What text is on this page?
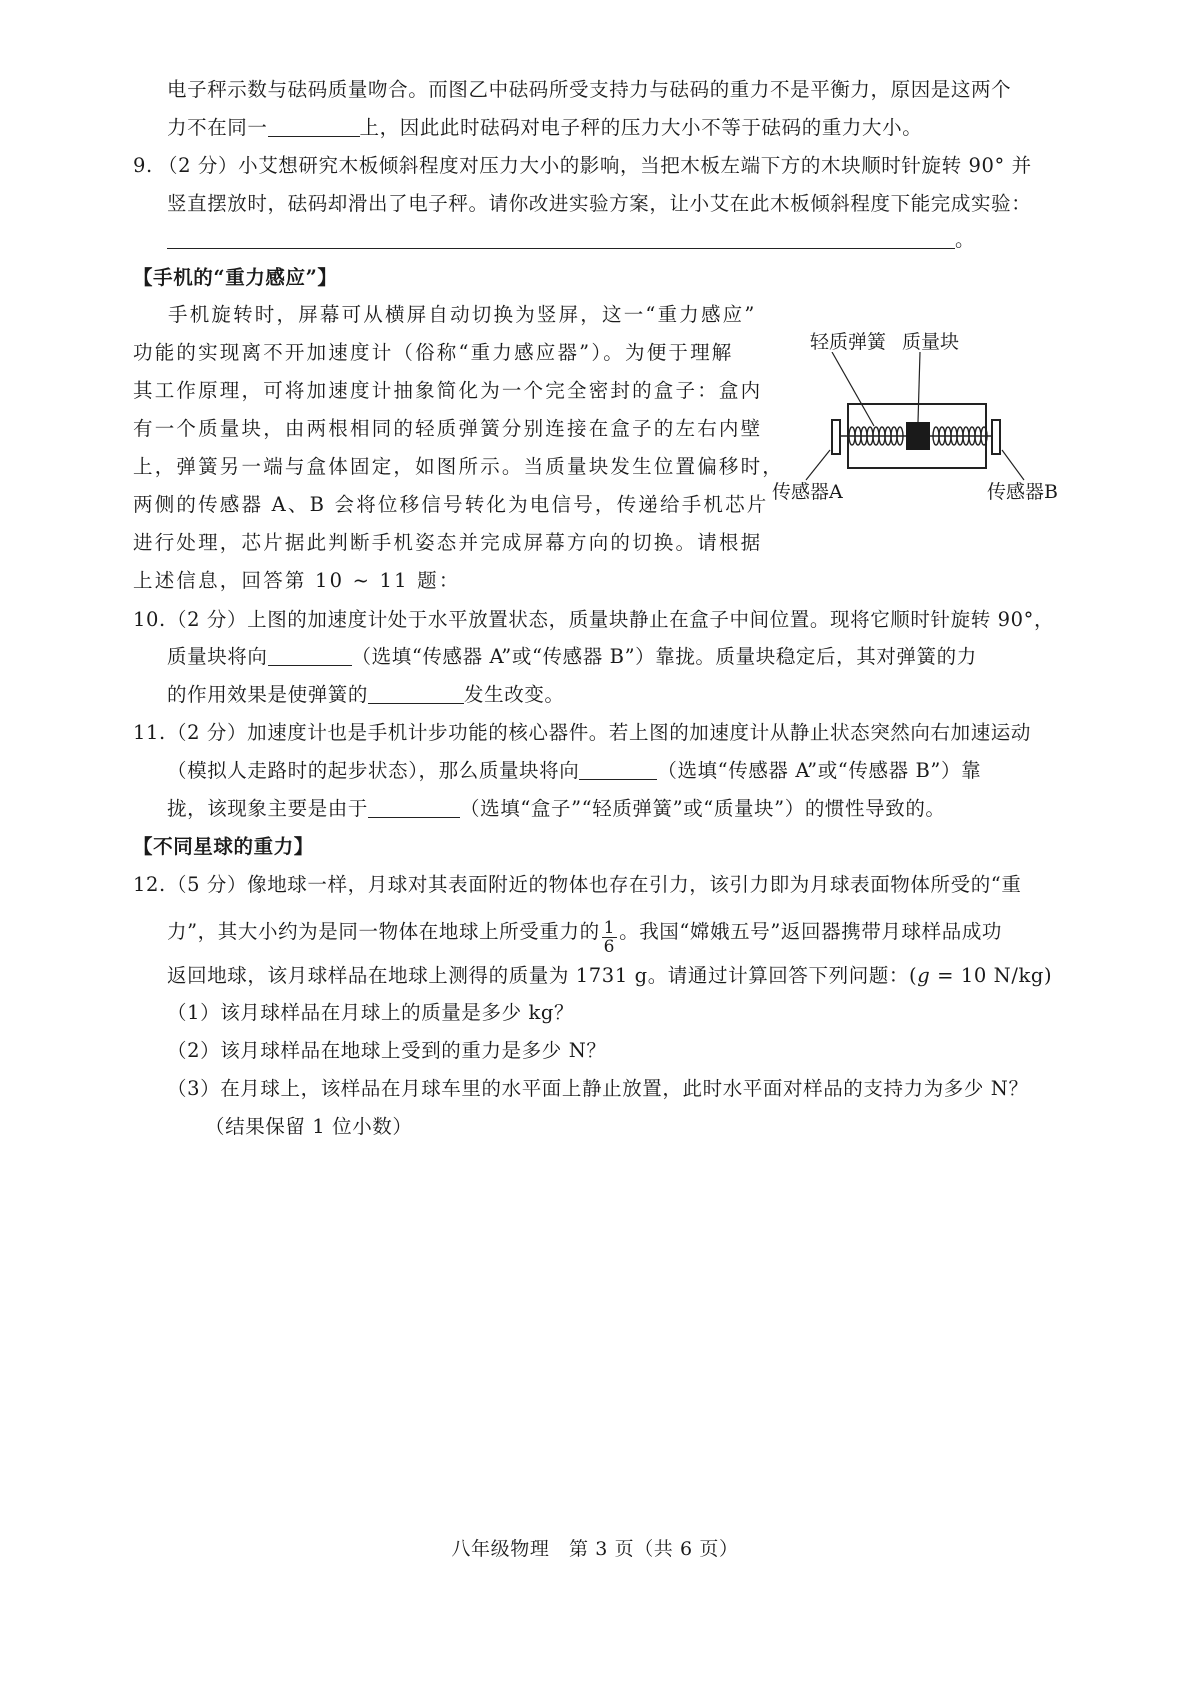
电子秤示数与砝码质量吻合。而图乙中砝码所受支持力与砝码的重力不是平衡力，原因是这两个
力不在同一	上，因此此时砝码对电子秤的压力大小不等于砝码的重力大小。
9. （2 分）小艾想研究木板倾斜程度对压力大小的影响，当把木板左端下方的木块顺时针旋转 90° 并
竖直摆放时，砝码却滑出了电子秤。请你改进实验方案，让小艾在此木板倾斜程度下能完成实验：
。
【手机的“重力感应”】
手机旋转时，屏幕可从横屏自动切换为竖屏，这一“重力感应”
功能的实现离不开加速度计（俗称“重力感应器”）。为便于理解
其工作原理，可将加速度计抽象简化为一个完全密封的盒子：盒内
有一个质量块，由两根相同的轻质弹簧分别连接在盒子的左右内壁
上，弹簧另一端与盒体固定，如图所示。当质量块发生位置偏移时，
两侧的传感器 A、B 会将位移信号转化为电信号，传递给手机芯片
进行处理，芯片据此判断手机姿态并完成屏幕方向的切换。请根据
上述信息，回答第 10 ~ 11 题：
轻质弹簧 质量块
传感器A	传感器B
10. （2 分）上图的加速度计处于水平放置状态，质量块静止在盒子中间位置。现将它顺时针旋转 90°，
质量块将向	（选填“传感器 A”或“传感器 B”）靠拢。质量块稳定后，其对弹簧的力
的作用效果是使弹簧的	发生改变。
11. （2 分）加速度计也是手机计步功能的核心器件。若上图的加速度计从静止状态突然向右加速运动
（模拟人走路时的起步状态），那么质量块将向	（选填“传感器 A”或“传感器 B”）靠
拢，该现象主要是由于	（选填“盒子”“轻质弹簧”或“质量块”）的惯性导致的。
【不同星球的重力】
12. （5 分）像地球一样，月球对其表面附近的物体也存在引力，该引力即为月球表面物体所受的“重
力”，其大小约为是同一物体在地球上所受重力的 $\frac{1}{6}$ 。我国“嫦娥五号”返回器携带月球样品成功
返回地球，该月球样品在地球上测得的质量为 1731 g。请通过计算回答下列问题：(g = 10 N/kg)
（1）该月球样品在月球上的质量是多少 kg？
（2）该月球样品在地球上受到的重力是多少 N？
（3）在月球上，该样品在月球车里的水平面上静止放置，此时水平面对样品的支持力为多少 N？
（结果保留 1 位小数）
八年级物理　第 3 页（共 6 页）
